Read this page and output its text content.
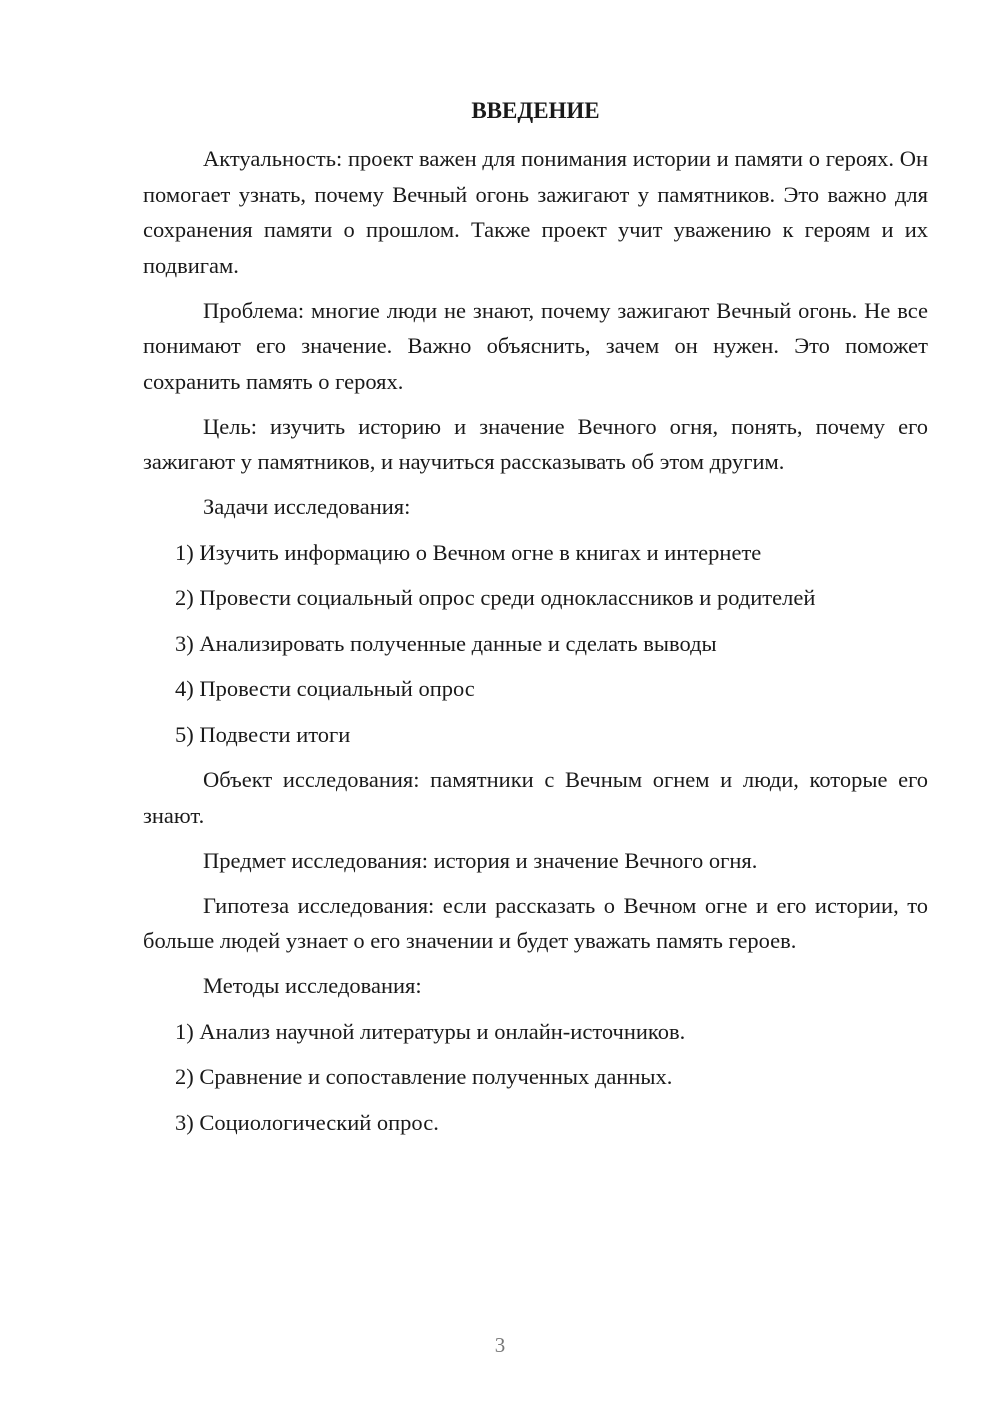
ВВЕДЕНИЕ

Актуальность: проект важен для понимания истории и памяти о героях. Он помогает узнать, почему Вечный огонь зажигают у памятников. Это важно для сохранения памяти о прошлом. Также проект учит уважению к героям и их подвигам.

Проблема: многие люди не знают, почему зажигают Вечный огонь. Не все понимают его значение. Важно объяснить, зачем он нужен. Это поможет сохранить память о героях.

Цель: изучить историю и значение Вечного огня, понять, почему его зажигают у памятников, и научиться рассказывать об этом другим.

Задачи исследования:

1) Изучить информацию о Вечном огне в книгах и интернете
2) Провести социальный опрос среди одноклассников и родителей
3) Анализировать полученные данные и сделать выводы
4) Провести социальный опрос
5) Подвести итоги

Объект исследования: памятники с Вечным огнем и люди, которые его знают.

Предмет исследования: история и значение Вечного огня.

Гипотеза исследования: если рассказать о Вечном огне и его истории, то больше людей узнает о его значении и будет уважать память героев.

Методы исследования:

1) Анализ научной литературы и онлайн-источников.
2) Сравнение и сопоставление полученных данных.
3) Социологический опрос.
3
